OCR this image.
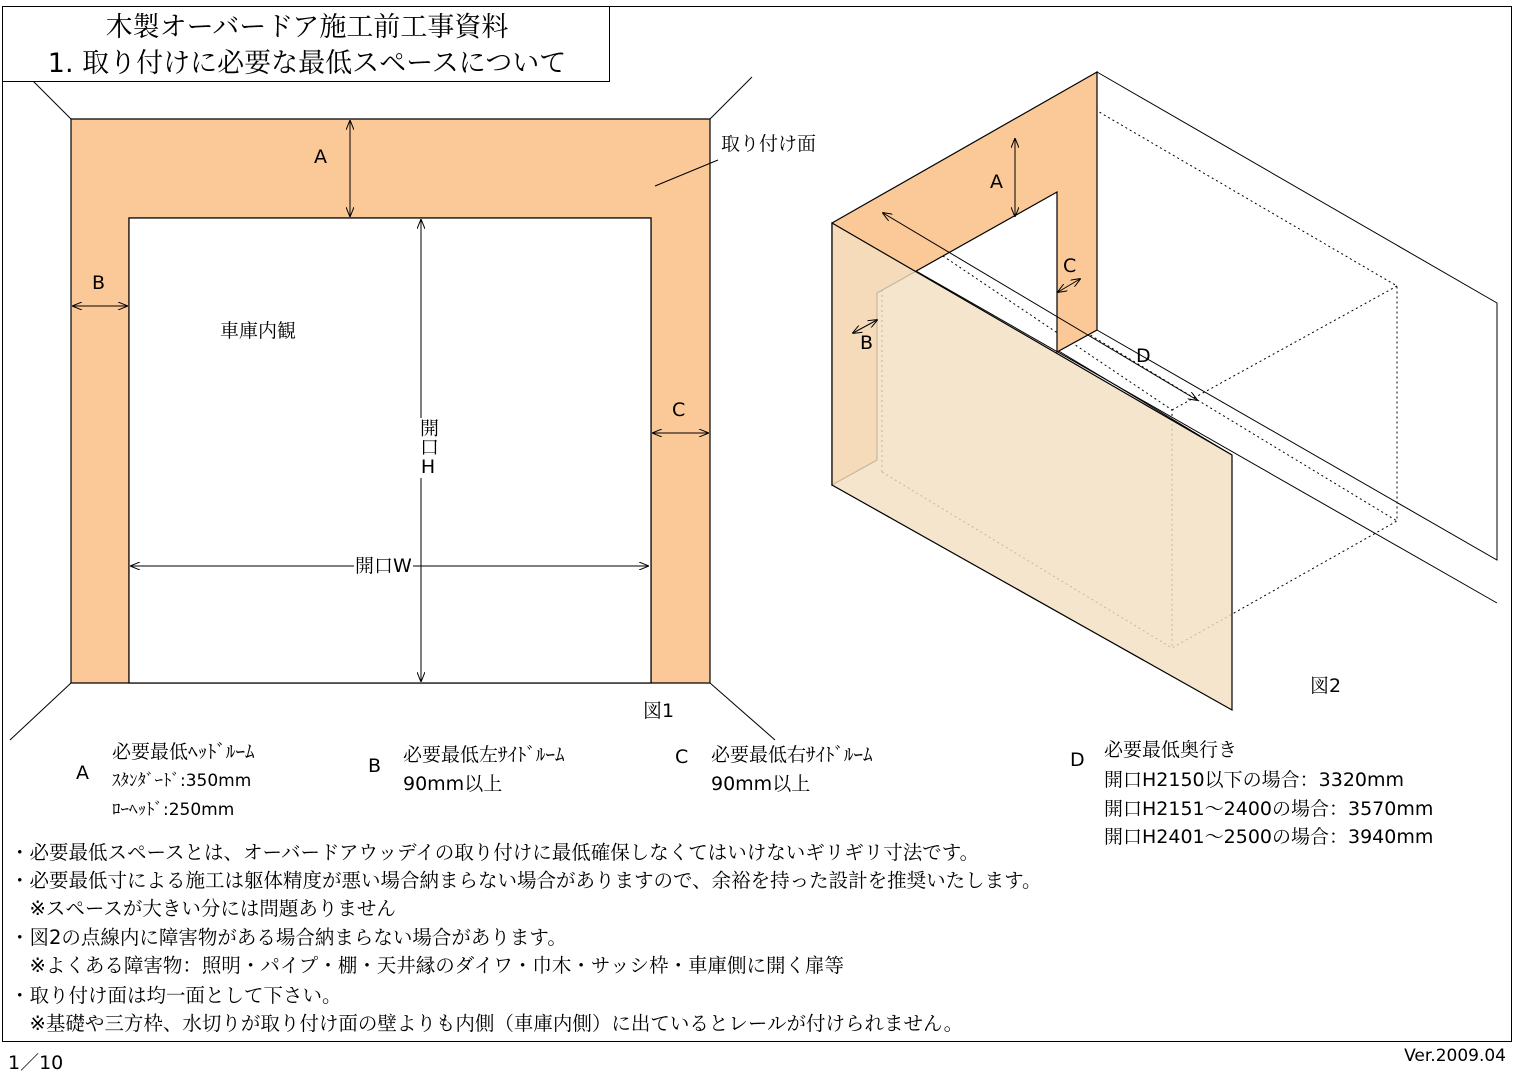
木製オーバードア施工前工事資料
1. 取り付けに必要な最低スペースについて
A
B
C
取り付け面
車庫内観
開口H
開口W
図1
A
B
C
D
図2
A
必要最低ﾍｯﾄﾞﾙｰﾑ
ｽﾀﾝﾀﾞｰﾄﾞ:350mm
ﾛｰﾍｯﾄﾞ:250mm
B 必要最低左ｻｲﾄﾞﾙｰﾑ
90mm以上
C 必要最低右ｻｲﾄﾞﾙｰﾑ
90mm以上
D 必要最低奥行き
開口H2150以下の場合：3320mm
開口H2151～2400の場合：3570mm
開口H2401～2500の場合：3940mm
・必要最低スペースとは、オーバードアウッデイの取り付けに最低確保しなくてはいけないギリギリ寸法です。
・必要最低寸による施工は躯体精度が悪い場合納まらない場合がありますので、余裕を持った設計を推奨いたします。
　※スペースが大きい分には問題ありません
・図2の点線内に障害物がある場合納まらない場合があります。
　※よくある障害物：照明・パイプ・棚・天井縁のダイワ・巾木・サッシ枠・車庫側に開く扉等
・取り付け面は均一面として下さい。
　※基礎や三方枠、水切りが取り付け面の壁よりも内側（車庫内側）に出ているとレールが付けられません。
1／10	Ver.2009.04
